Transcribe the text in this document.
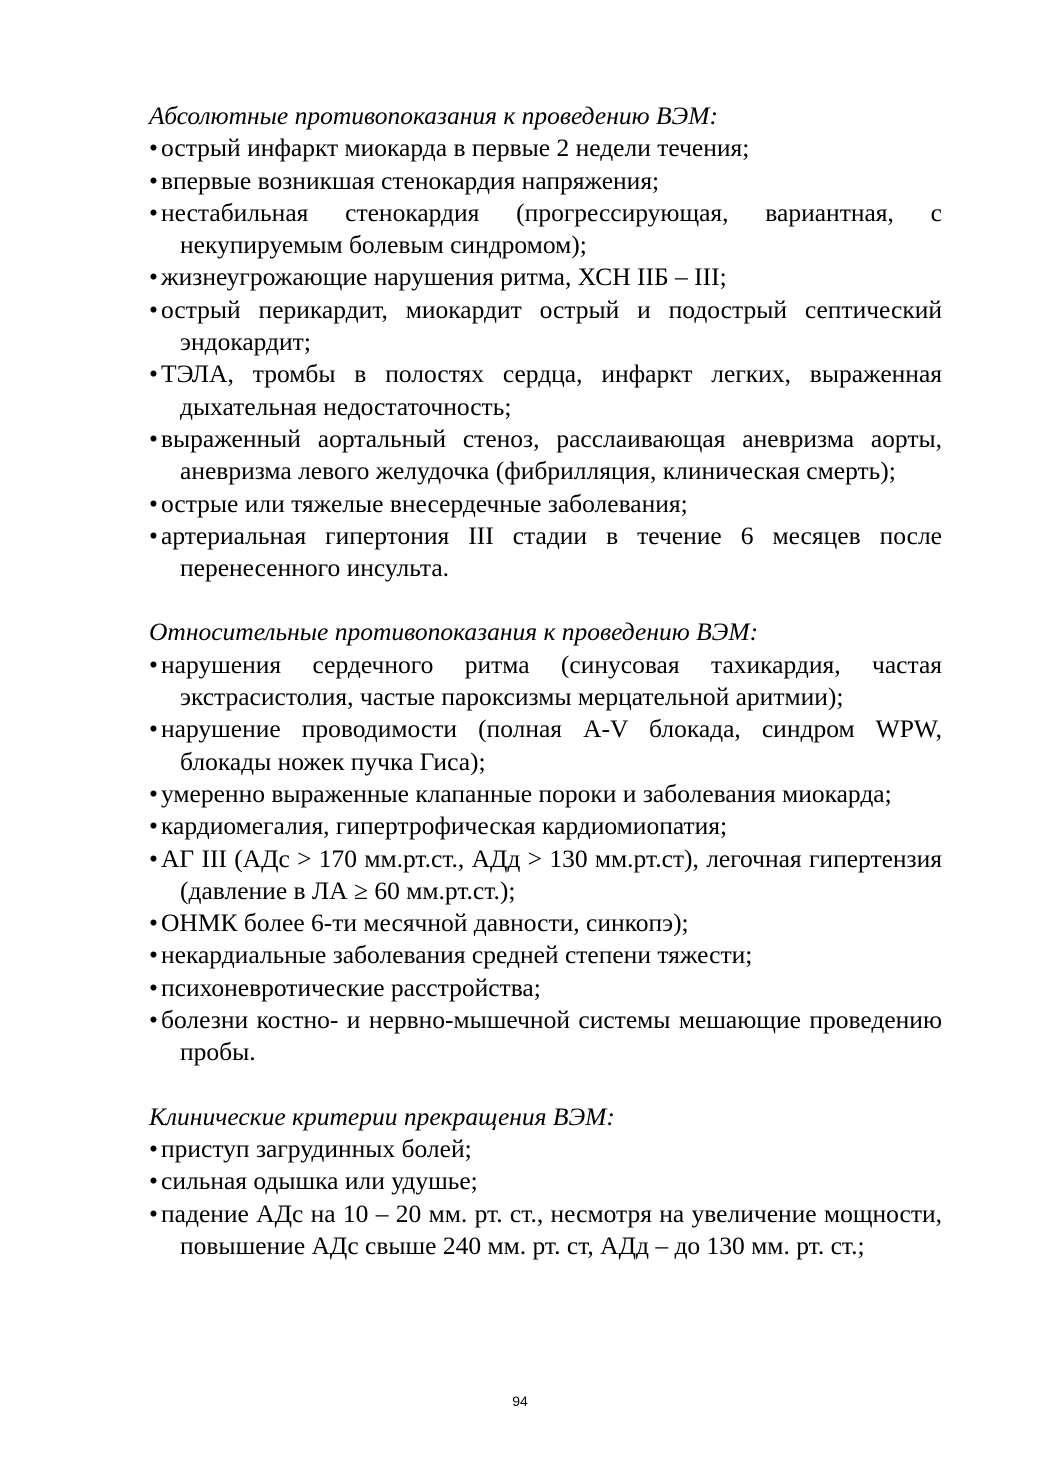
Абсолютные противопоказания к проведению ВЭМ:

• острый инфаркт миокарда в первые 2 недели течения;
• впервые возникшая стенокардия напряжения;
• нестабильная стенокардия (прогрессирующая, вариантная, с некупируемым болевым синдромом);
• жизнеугрожающие нарушения ритма, ХСН IIБ – III;
• острый перикардит, миокардит острый и подострый септический эндокардит;
• ТЭЛА, тромбы в полостях сердца, инфаркт легких, выраженная дыхательная недостаточность;
• выраженный аортальный стеноз, расслаивающая аневризма аорты, аневризма левого желудочка (фибрилляция, клиническая смерть);
• острые или тяжелые внесердечные заболевания;
• артериальная гипертония III стадии в течение 6 месяцев после перенесенного инсульта.

Относительные противопоказания к проведению ВЭМ:

• нарушения сердечного ритма (синусовая тахикардия, частая экстрасистолия, частые пароксизмы мерцательной аритмии);
• нарушение проводимости (полная A-V блокада, синдром WPW, блокады ножек пучка Гиса);
• умеренно выраженные клапанные пороки и заболевания миокарда;
• кардиомегалия, гипертрофическая кардиомиопатия;
• АГ III (АДс > 170 мм.рт.ст., АДд > 130 мм.рт.ст), легочная гипертензия (давление в ЛА ≥ 60 мм.рт.ст.);
• ОНМК более 6-ти месячной давности, синкопэ);
• некардиальные заболевания средней степени тяжести;
• психоневротические расстройства;
• болезни костно- и нервно-мышечной системы мешающие проведению пробы.

Клинические критерии прекращения ВЭМ:

• приступ загрудинных болей;
• сильная одышка или удушье;
• падение АДс на 10 – 20 мм. рт. ст., несмотря на увеличение мощности, повышение АДс свыше 240 мм. рт. ст, АДд – до 130 мм. рт. ст.;
94
